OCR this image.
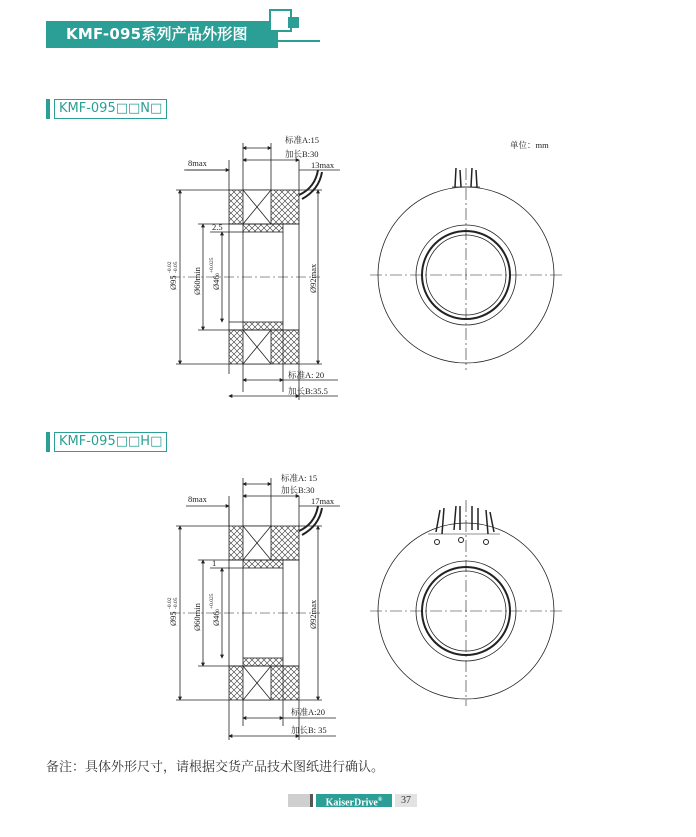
KMF-095系列产品外形图
KMF-095□□N□
KMF-095□□H□
标准A:15
加长B:30
13max
8max
2.5
标准A: 20
加长B:35.5
单位：mm
Ø95
-0.02 -0.05 Ø60min Ø46
+0.025
0	Ø92max
标准A: 15
加长B:30
17max
8max
1
标准A:20
加长B: 35
Ø95
-0.02 -0.05 Ø60min Ø46
+0.025
0	Ø92max
备注：具体外形尺寸，请根据交货产品技术图纸进行确认。
KaiserDrive®	37
